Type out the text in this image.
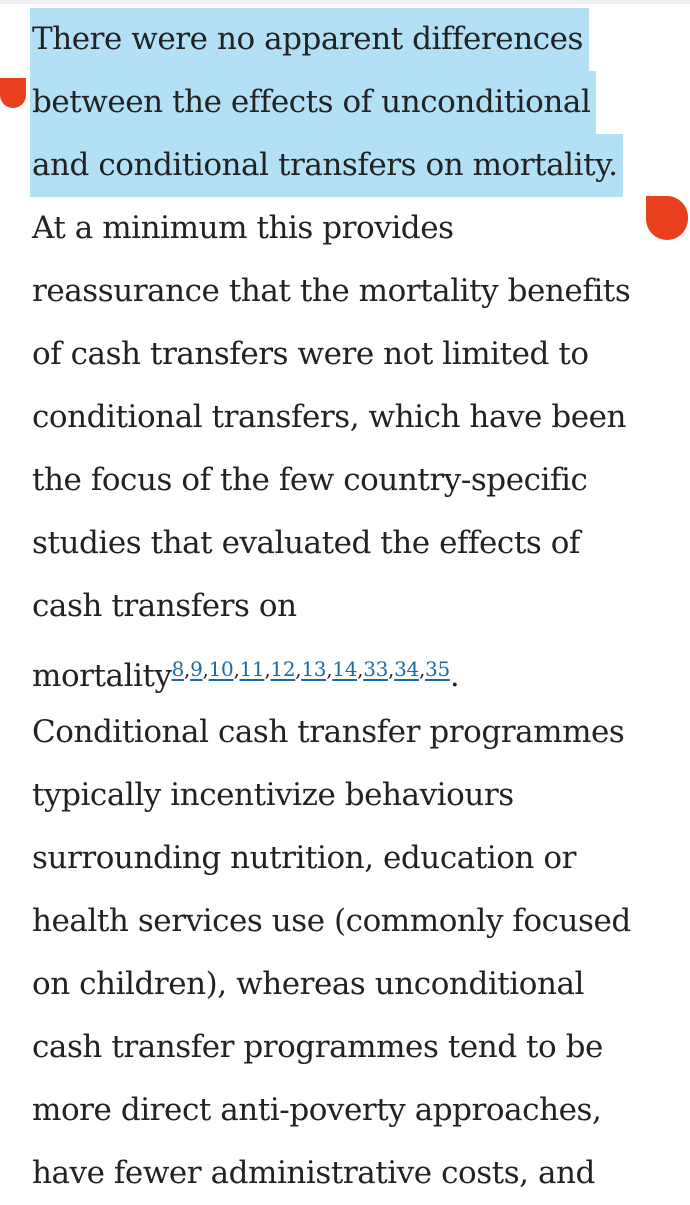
There were no apparent differences
between the effects of unconditional
and conditional transfers on mortality.
At a minimum this provides
reassurance that the mortality benefits
of cash transfers were not limited to
conditional transfers, which have been
the focus of the few country-specific
studies that evaluated the effects of
cash transfers on
mortality$^{8,9,10,11,12,13,14,33,34,35}$.
Conditional cash transfer programmes
typically incentivize behaviours
surrounding nutrition, education or
health services use (commonly focused
on children), whereas unconditional
cash transfer programmes tend to be
more direct anti-poverty approaches,
have fewer administrative costs, and
